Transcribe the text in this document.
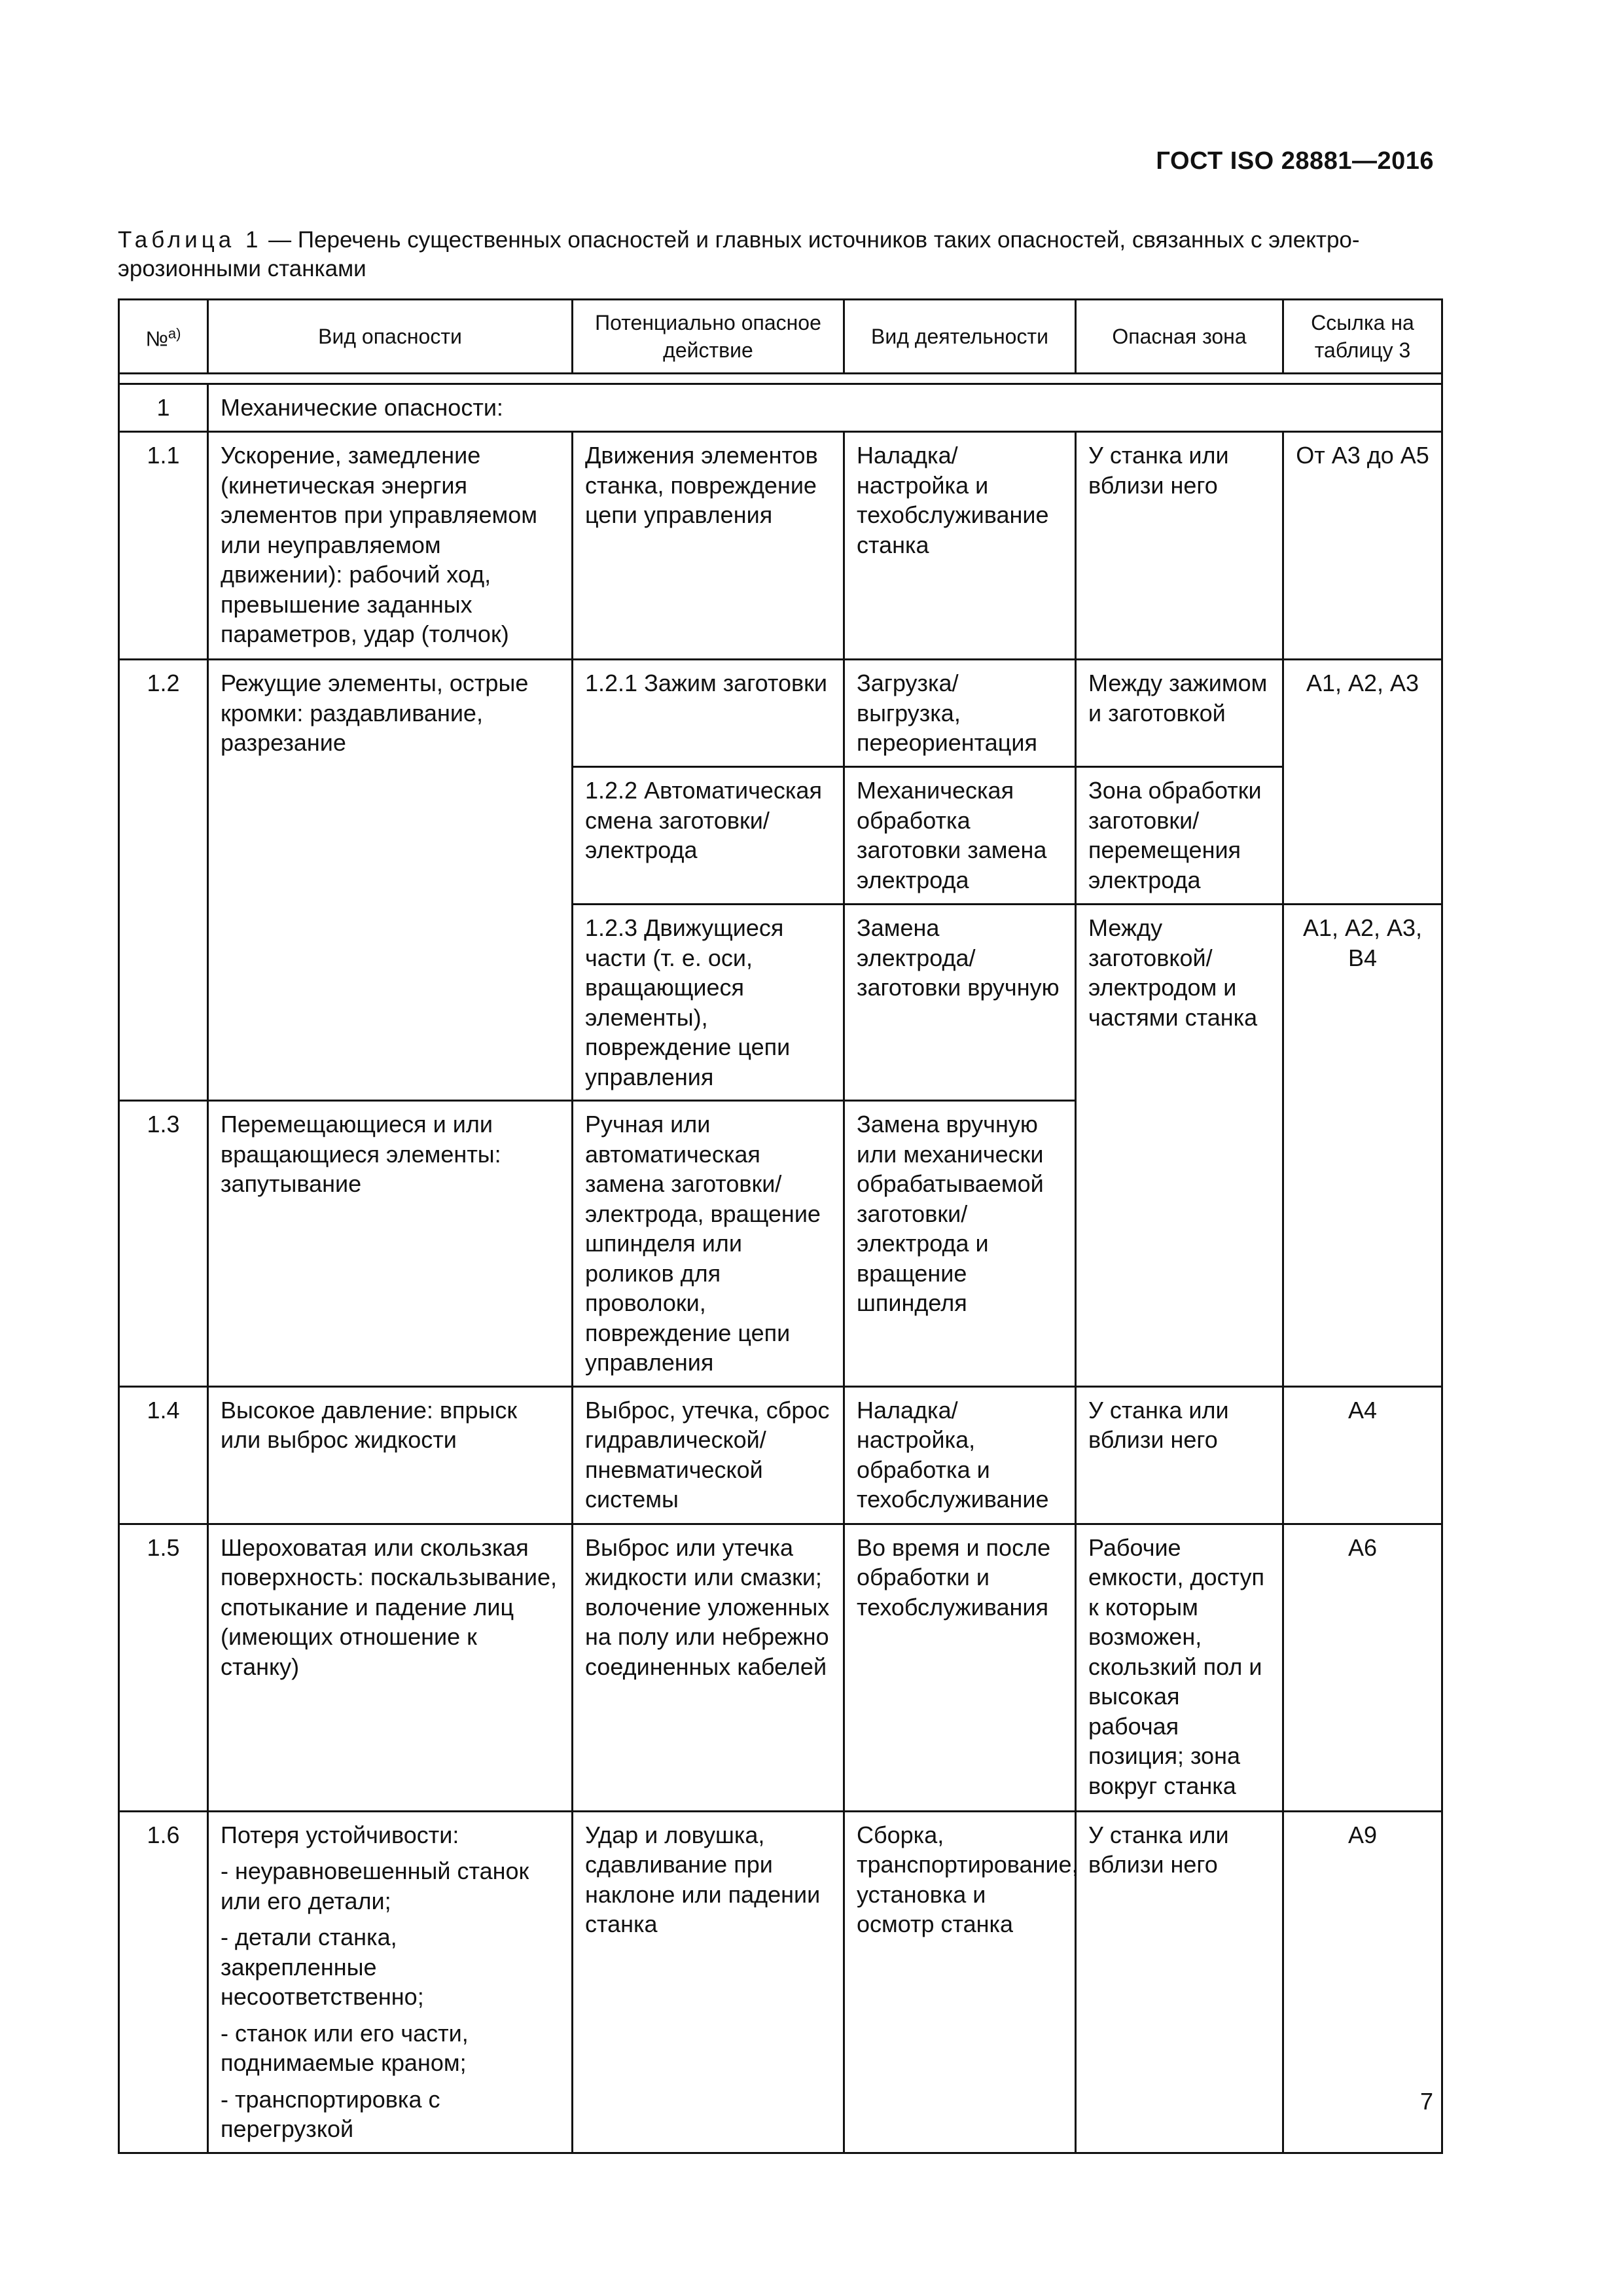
ГОСТ ISO 28881—2016
Таблица 1 — Перечень существенных опасностей и главных источников таких опасностей, связанных с электро-эрозионными станками
№$^{а)}$	Вид опасности	Потенциально опасное действие	Вид деятельности	Опасная зона	Ссылка на таблицу 3

1	Механические опасности:				
1.1	Ускорение, замедление (кинетическая энергия элементов при управляемом или неуправляемом движении): рабочий ход, превышение заданных параметров, удар (толчок)	Движения элементов станка, повреждение цепи управления	Наладка/настройка и техобслуживание станка	У станка или вблизи него	От А3 до А5
1.2	Режущие элементы, острые кромки: раздавливание, разрезание	1.2.1 Зажим заготовки	Загрузка/ выгрузка, переориентация	Между зажимом и заготовкой	А1, А2, А3
		1.2.2 Автоматическая смена заготовки/электрода	Механическая обработка заготовки замена электрода	Зона обработки заготовки/ перемещения электрода	
		1.2.3 Движущиеся части (т. е. оси, вращающиеся элементы), повреждение цепи управления	Замена электрода/заготовки вручную	Между заготовкой/электродом и частями станка	А1, А2, А3, В4
1.3	Перемещающиеся и или вращающиеся элементы: запутывание	Ручная или автоматическая замена заготовки/электрода, вращение шпинделя или роликов для проволоки, повреждение цепи управления	Замена вручную или механически обрабатываемой заготовки/электрода и вращение шпинделя		
1.4	Высокое давление: впрыск или выброс жидкости	Выброс, утечка, сброс гидравлической/ пневматической системы	Наладка/настройка, обработка и техобслуживание	У станка или вблизи него	А4
1.5	Шероховатая или скользкая поверхность: поскальзывание, спотыкание и падение лиц (имеющих отношение к станку)	Выброс или утечка жидкости или смазки; волочение уложенных на полу или небрежно соединенных кабелей	Во время и после обработки и техобслуживания	Рабочие емкости, доступ к которым возможен, скользкий пол и высокая рабочая позиция; зона вокруг станка	А6
1.6	Потеря устойчивости:
- неуравновешенный станок или его детали;
- детали станка, закрепленные несоответственно;
- станок или его части, поднимаемые краном;
- транспортировка с перегрузкой	Удар и ловушка, сдавливание при наклоне или падении станка	Сборка, транспортирование, установка и осмотр станка	У станка или вблизи него	А9
7
